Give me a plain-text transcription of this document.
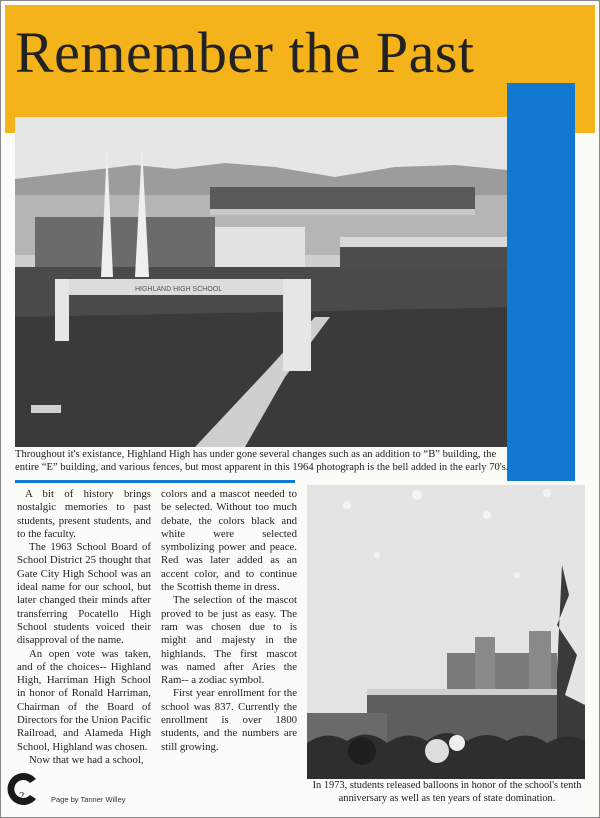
Remember the Past
HIGHLAND HIGH SCHOOL
Throughout it's existance, Highland High has under gone several changes such as an addition to “B” building, the entire “E” building, and various fences, but most apparent in this 1964 photograph is the bell added in the early 70's.

A bit of history brings nostalgic memories to past students, present students, and to the faculty.

The 1963 School Board of School District 25 thought that Gate City High School was an ideal name for our school, but later changed their minds after transferring Pocatello High School students voiced their disapproval of the name.

An open vote was taken, and of the choices-- Highland High, Harriman High School in honor of Ronald Harriman, Chairman of the Board of Directors for the Union Pacific Railroad, and Alameda High School, Highland was chosen.

Now that we had a school,

colors and a mascot needed to be selected. Without too much debate, the colors black and white were selected symbolizing power and peace. Red was later added as an accent color, and to continue the Scottish theme in dress.

The selection of the mascot proved to be just as easy. The ram was chosen due to is might and majesty in the highlands. The first mascot was named after Aries the Ram-- a zodiac symbol.

First year enrollment for the school was 837. Currently the enrollment is over 1800 students, and the numbers are still growing.

In 1973, students released balloons in honor of the school's tenth anniversary as well as ten years of state domination.
2	Page by Tanner Willey
